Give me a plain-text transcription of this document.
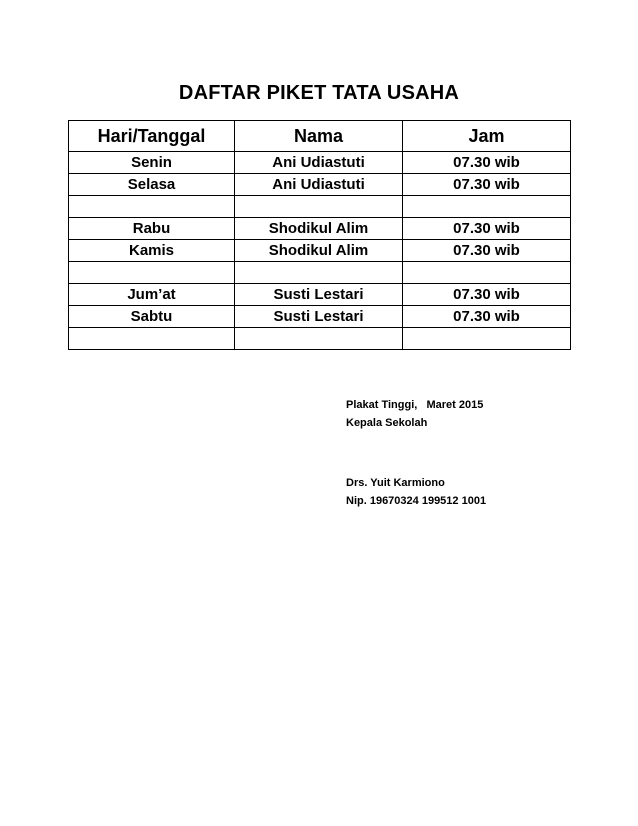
DAFTAR PIKET TATA USAHA
Hari/Tanggal	Nama	Jam
Senin	Ani Udiastuti	07.30 wib
Selasa	Ani Udiastuti	07.30 wib

Rabu	Shodikul Alim	07.30 wib
Kamis	Shodikul Alim	07.30 wib

Jum’at	Susti Lestari	07.30 wib
Sabtu	Susti Lestari	07.30 wib

Plakat Tinggi,   Maret 2015
Kepala Sekolah
Drs. Yuit Karmiono
Nip. 19670324 199512 1001
